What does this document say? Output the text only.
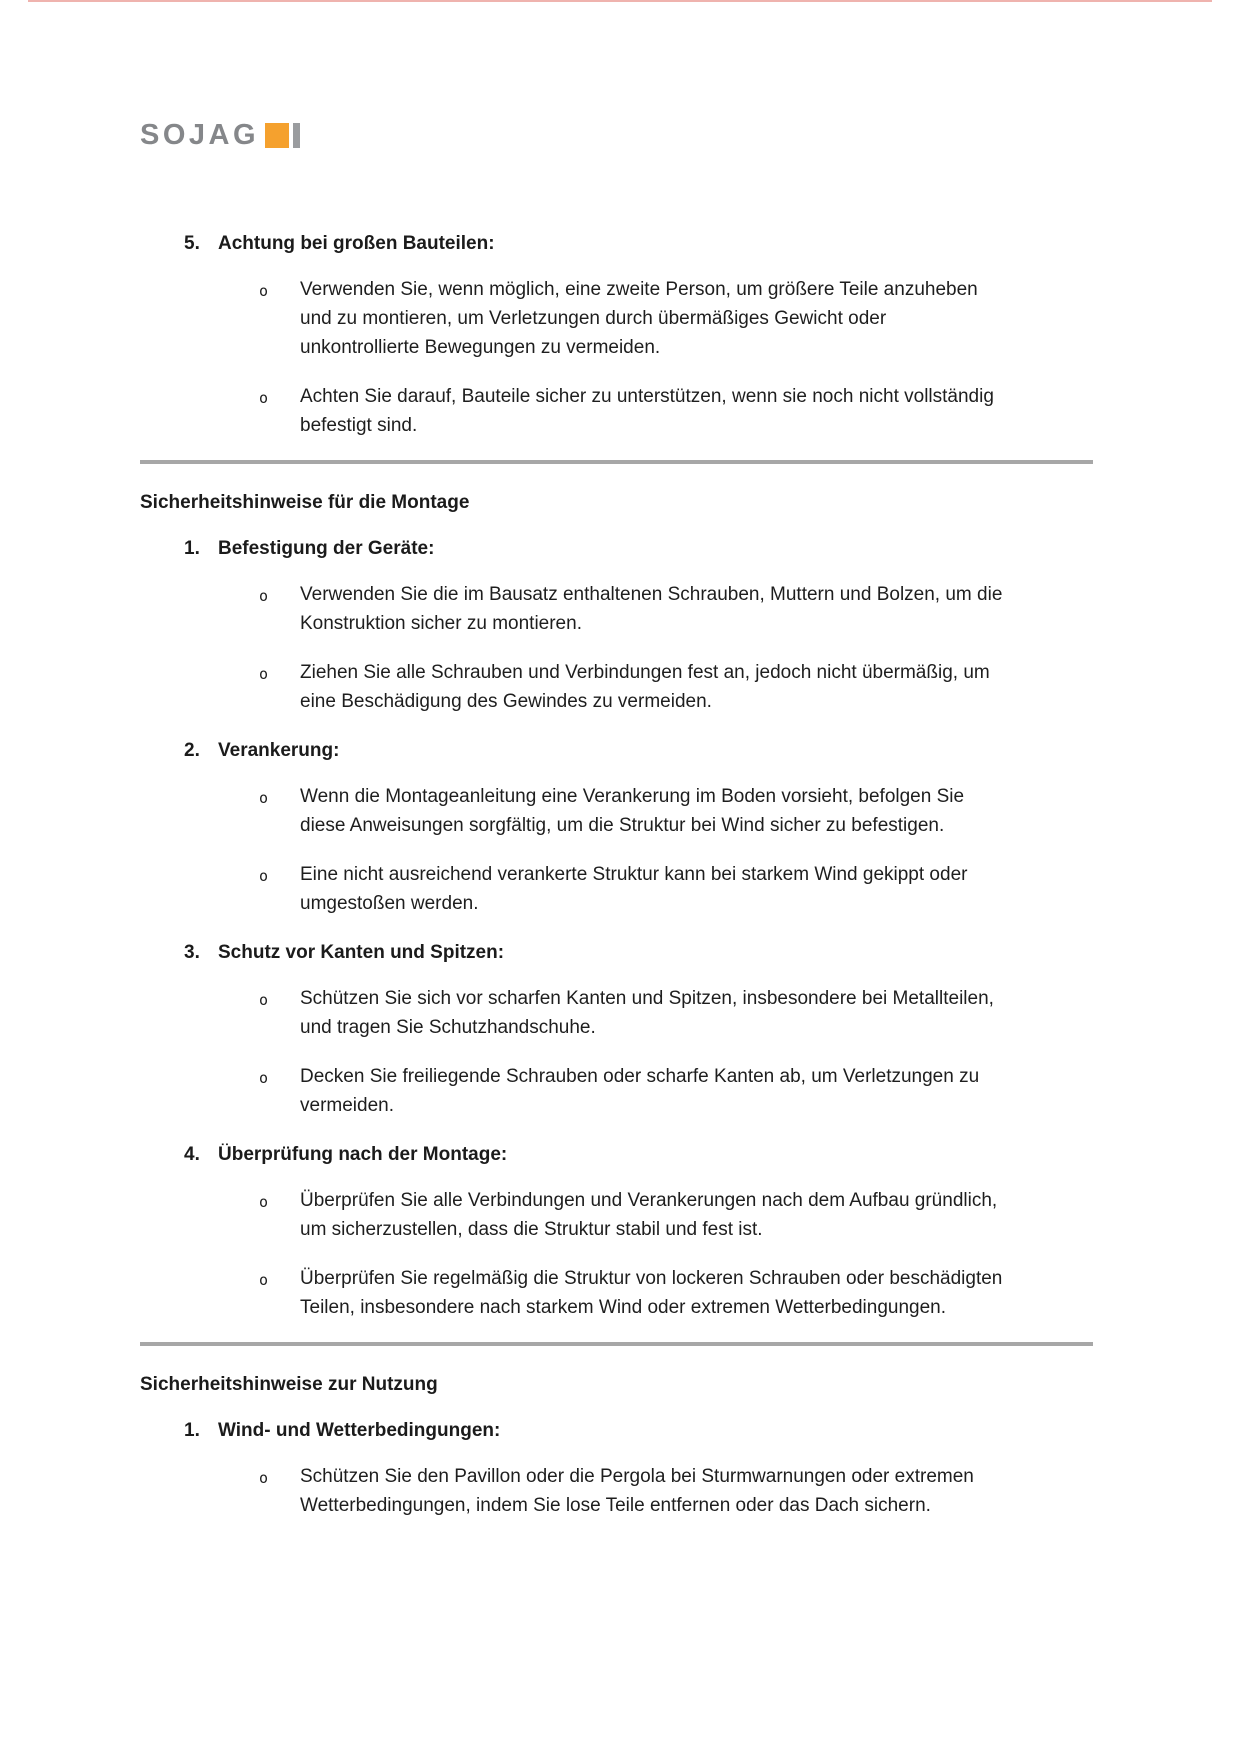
SOJAG
5. Achtung bei großen Bauteilen:

o Verwenden Sie, wenn möglich, eine zweite Person, um größere Teile anzuheben und zu montieren, um Verletzungen durch übermäßiges Gewicht oder unkontrollierte Bewegungen zu vermeiden.

o Achten Sie darauf, Bauteile sicher zu unterstützen, wenn sie noch nicht vollständig befestigt sind.

Sicherheitshinweise für die Montage
1. Befestigung der Geräte:

o Verwenden Sie die im Bausatz enthaltenen Schrauben, Muttern und Bolzen, um die Konstruktion sicher zu montieren.

o Ziehen Sie alle Schrauben und Verbindungen fest an, jedoch nicht übermäßig, um eine Beschädigung des Gewindes zu vermeiden.

2. Verankerung:

o Wenn die Montageanleitung eine Verankerung im Boden vorsieht, befolgen Sie diese Anweisungen sorgfältig, um die Struktur bei Wind sicher zu befestigen.

o Eine nicht ausreichend verankerte Struktur kann bei starkem Wind gekippt oder umgestoßen werden.

3. Schutz vor Kanten und Spitzen:

o Schützen Sie sich vor scharfen Kanten und Spitzen, insbesondere bei Metallteilen, und tragen Sie Schutzhandschuhe.

o Decken Sie freiliegende Schrauben oder scharfe Kanten ab, um Verletzungen zu vermeiden.

4. Überprüfung nach der Montage:

o Überprüfen Sie alle Verbindungen und Verankerungen nach dem Aufbau gründlich, um sicherzustellen, dass die Struktur stabil und fest ist.

o Überprüfen Sie regelmäßig die Struktur von lockeren Schrauben oder beschädigten Teilen, insbesondere nach starkem Wind oder extremen Wetterbedingungen.

Sicherheitshinweise zur Nutzung
1. Wind- und Wetterbedingungen:

o Schützen Sie den Pavillon oder die Pergola bei Sturmwarnungen oder extremen Wetterbedingungen, indem Sie lose Teile entfernen oder das Dach sichern.
